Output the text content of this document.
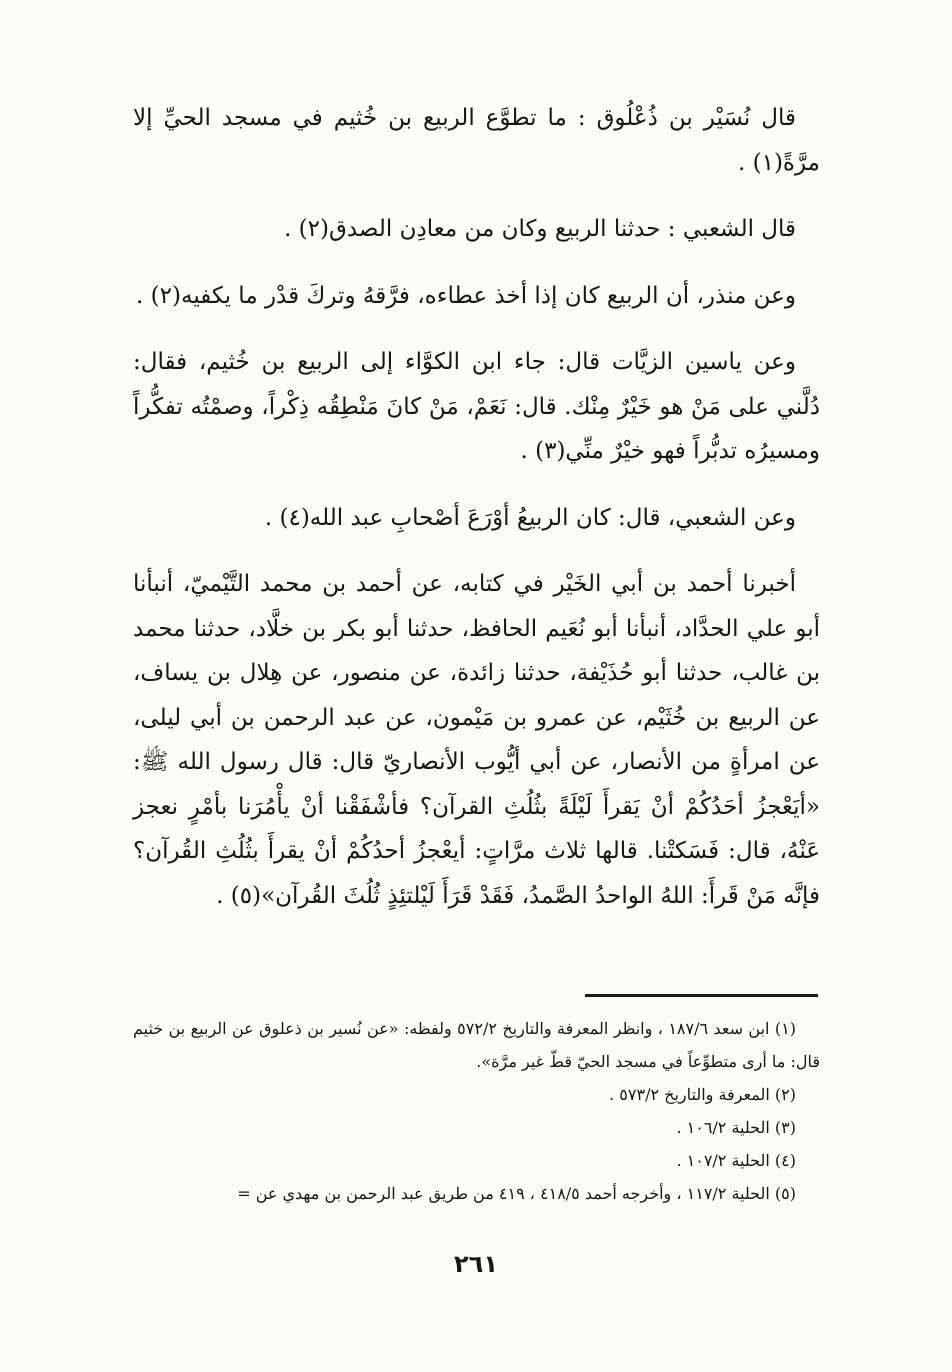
قال نُسَيْر بن ذُعْلُوق : ما تطوَّع الربيع بن خُثيم في مسجد الحيِّ إلا مرَّةً(١) .

قال الشعبي : حدثنا الربيع وكان من معادِن الصدق(٢) .

وعن منذر، أن الربيع كان إذا أخذ عطاءه، فرَّقهُ وتركَ قدْر ما يكفيه(٢) .

وعن ياسين الزيَّات قال: جاء ابن الكوَّاء إلى الربيع بن خُثيم، فقال: دُلَّني على مَنْ هو خَيْرٌ مِنْك. قال: نَعَمْ، مَنْ كانَ مَنْطِقُه ذِكْراً، وصمْتُه تفكُّراً ومسيرُه تدبُّراً فهو خيْرٌ منِّي(٣) .

وعن الشعبي، قال: كان الربيعُ أوْرَعَ أصْحابِ عبد الله(٤) .

أخبرنا أحمد بن أبي الخَيْر في كتابه، عن أحمد بن محمد التَّيْميّ، أنبأنا أبو علي الحدَّاد، أنبأنا أبو نُعَيم الحافظ، حدثنا أبو بكر بن خلَّاد، حدثنا محمد بن غالب، حدثنا أبو حُذَيْفة، حدثنا زائدة، عن منصور، عن هِلال بن يساف، عن الربيع بن خُثَيْم، عن عمرو بن مَيْمون، عن عبد الرحمن بن أبي ليلى، عن امرأةٍ من الأنصار، عن أبي أيُّوب الأنصاريّ قال: قال رسول الله ﷺ: «أيَعْجزُ أحَدُكُمْ أنْ يَقرأَ لَيْلَةً بثُلُثِ القرآن؟ فأشْفَقْنا أنْ يأْمُرَنا بأمْرٍ نعجز عَنْهُ، قال: فَسَكتْنا. قالها ثلاث مرَّاتٍ: أيعْجزُ أحدُكُمْ أنْ يقرأَ بثُلُثِ القُرآن؟ فإنَّه مَنْ قَرأَ: اللهُ الواحدُ الصَّمدُ، فَقَدْ قَرَأَ لَيْلتئِذٍ ثُلُثَ القُرآن»(٥) .

(١) ابن سعد ١٨٧/٦ ، وانظر المعرفة والتاريخ ٥٧٢/٢ ولفظه: «عن نُسير بن ذعلوق عن الربيع بن خثيم قال: ما أرى متطوِّعاً في مسجد الحيّ قطّ غير مرَّة».

(٢) المعرفة والتاريخ ٥٧٣/٢ .

(٣) الحلية ١٠٦/٢ .

(٤) الحلية ١٠٧/٢ .

(٥) الحلية ١١٧/٢ ، وأخرجه أحمد ٤١٨/٥ ، ٤١٩ من طريق عبد الرحمن بن مهدي عن =

٢٦١
